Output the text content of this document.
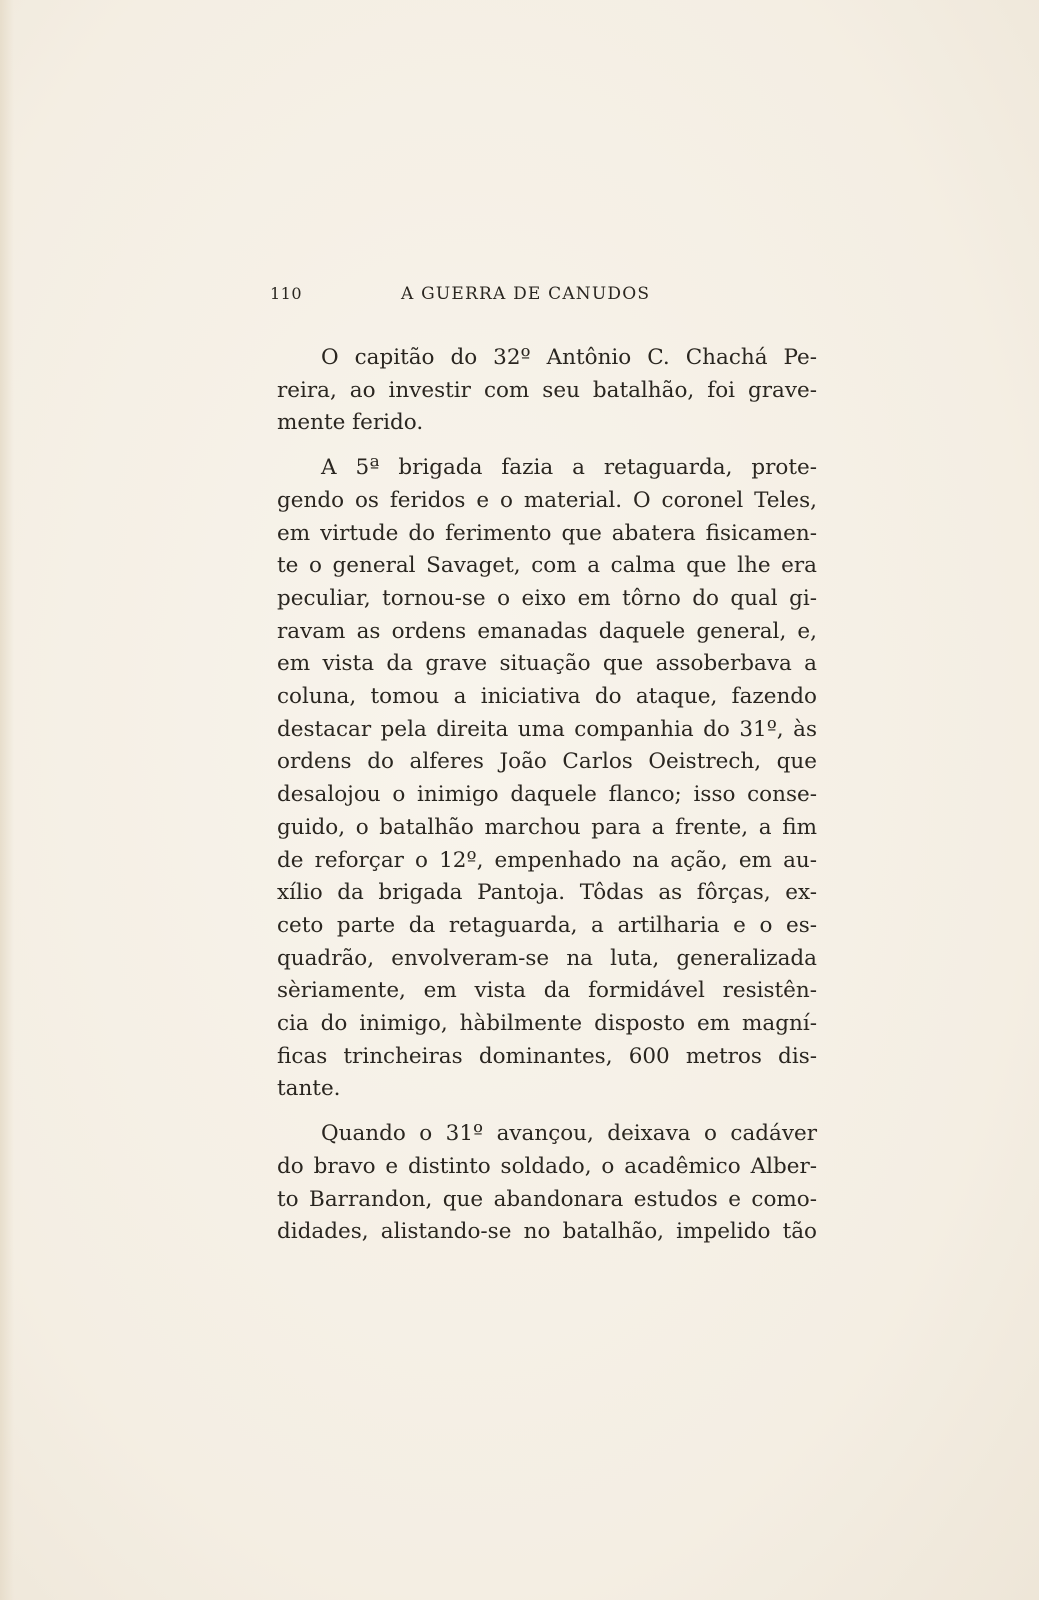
110	A GUERRA DE CANUDOS

O capitão do 32º Antônio C. Chachá Pe-
reira, ao investir com seu batalhão, foi grave-
mente ferido.

A 5ª brigada fazia a retaguarda, prote-
gendo os feridos e o material. O coronel Teles,
em virtude do ferimento que abatera fisicamen-
te o general Savaget, com a calma que lhe era
peculiar, tornou-se o eixo em tôrno do qual gi-
ravam as ordens emanadas daquele general, e,
em vista da grave situação que assoberbava a
coluna, tomou a iniciativa do ataque, fazendo
destacar pela direita uma companhia do 31º, às
ordens do alferes João Carlos Oeistrech, que
desalojou o inimigo daquele flanco; isso conse-
guido, o batalhão marchou para a frente, a fim
de reforçar o 12º, empenhado na ação, em au-
xílio da brigada Pantoja. Tôdas as fôrças, ex-
ceto parte da retaguarda, a artilharia e o es-
quadrão, envolveram-se na luta, generalizada
sèriamente, em vista da formidável resistên-
cia do inimigo, hàbilmente disposto em magní-
ficas trincheiras dominantes, 600 metros dis-
tante.

Quando o 31º avançou, deixava o cadáver
do bravo e distinto soldado, o acadêmico Alber-
to Barrandon, que abandonara estudos e como-
didades, alistando-se no batalhão, impelido tão
